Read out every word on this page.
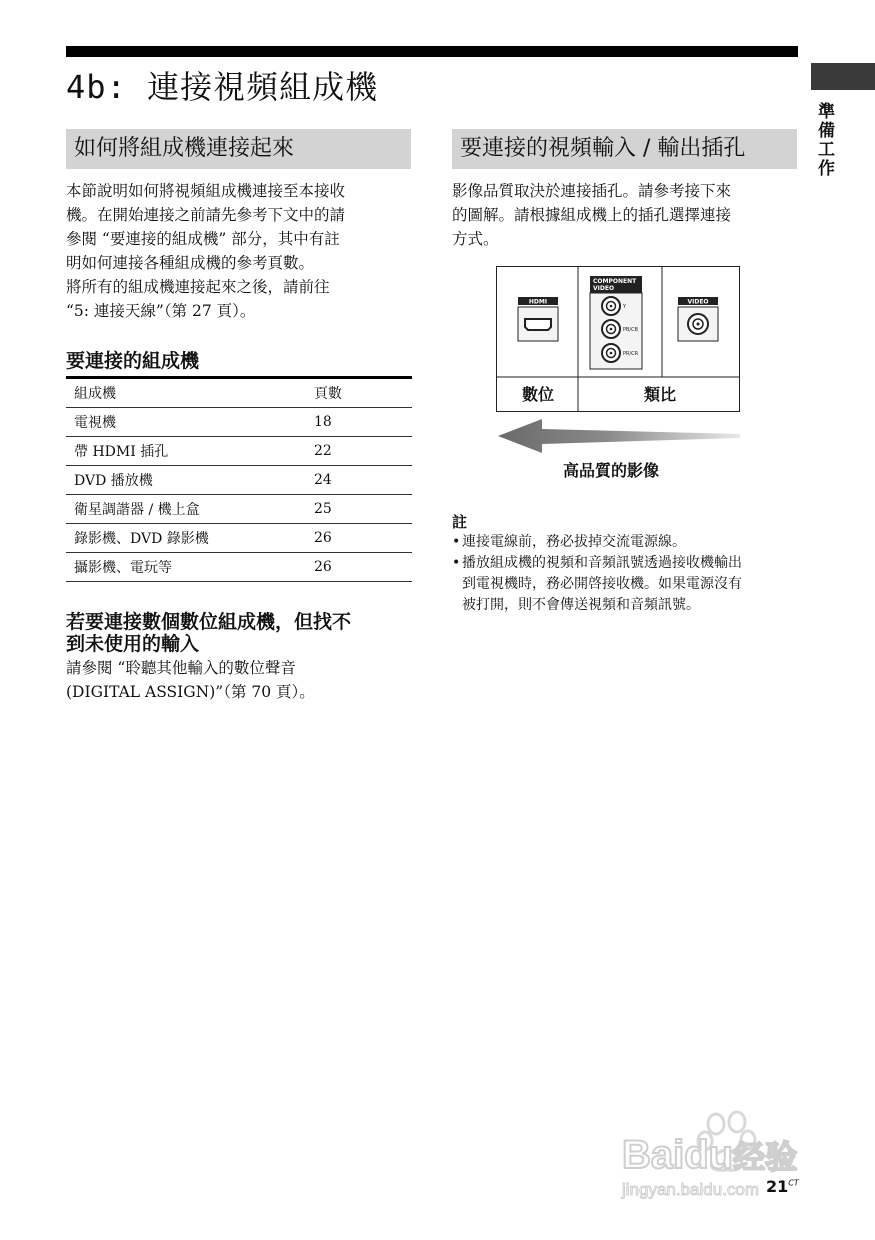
4b: 連接視頻組成機
準備工作
如何將組成機連接起來
本節說明如何將視頻組成機連接至本接收
機。在開始連接之前請先參考下文中的請
參閱 “要連接的組成機” 部分，其中有註
明如何連接各種組成機的參考頁數。
將所有的組成機連接起來之後，請前往
“5: 連接天線”（第 27 頁）。
要連接的組成機
組成機	頁數
電視機	18
帶 HDMI 插孔	22
DVD 播放機	24
衛星調諧器 / 機上盒	25
錄影機、DVD 錄影機	26
攝影機、電玩等	26
若要連接數個數位組成機，但找不
到未使用的輸入
請參閱 “聆聽其他輸入的數位聲音
(DIGITAL ASSIGN)”（第 70 頁）。
要連接的視頻輸入 / 輸出插孔
影像品質取決於連接插孔。請參考接下來
的圖解。請根據組成機上的插孔選擇連接
方式。
HDMI
COMPONENT
VIDEO
Y
PB/CB
PR/CR
VIDEO
數位	類比
高品質的影像
註
• 連接電線前，務必拔掉交流電源線。
• 播放組成機的視頻和音頻訊號透過接收機輸出
到電視機時，務必開啓接收機。如果電源沒有
被打開，則不會傳送視頻和音頻訊號。
Baidu经验
jingyan.baidu.com $21^{CT}$
